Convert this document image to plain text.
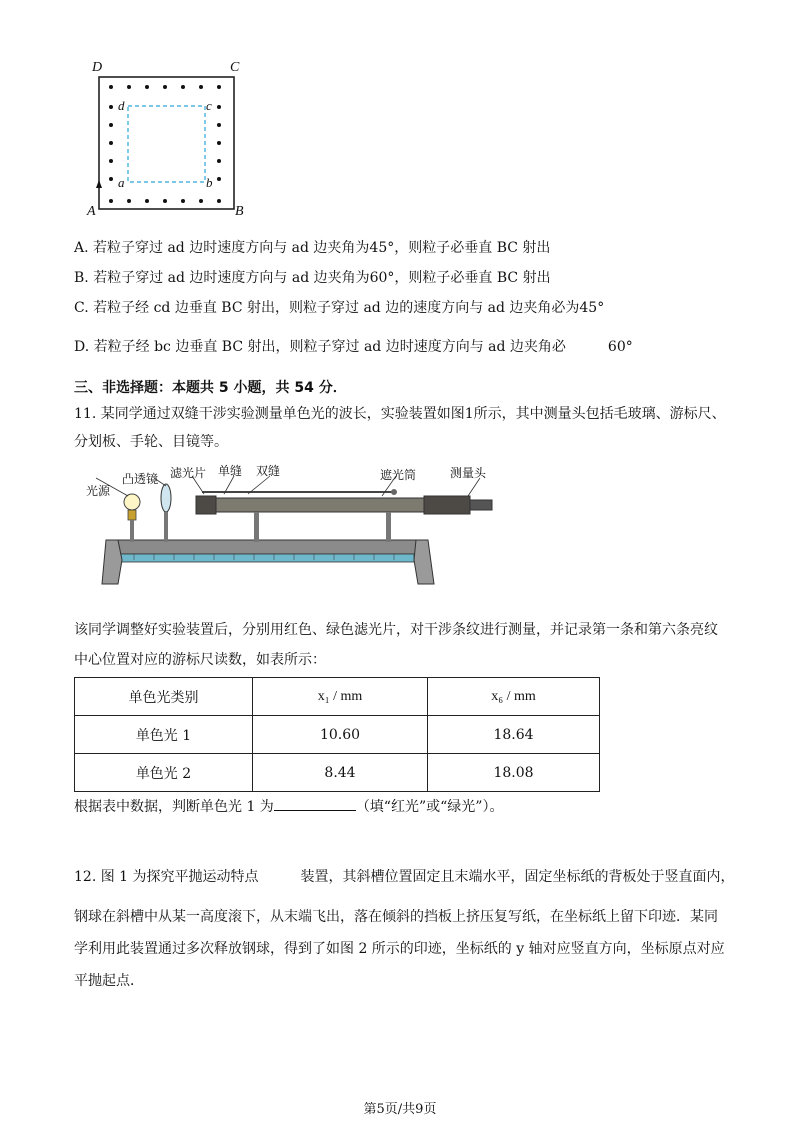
D	C
A	B
d	c
a	b
A. 若粒子穿过 ad 边时速度方向与 ad 边夹角为45°，则粒子必垂直 BC 射出
B. 若粒子穿过 ad 边时速度方向与 ad 边夹角为60°，则粒子必垂直 BC 射出
C. 若粒子经 cd 边垂直 BC 射出，则粒子穿过 ad 边的速度方向与 ad 边夹角必为45°
D. 若粒子经 bc 边垂直 BC 射出，则粒子穿过 ad 边时速度方向与 ad 边夹角必　　　60°
三、非选择题：本题共 5 小题，共 54 分．
11. 某同学通过双缝干涉实验测量单色光的波长，实验装置如图1所示，其中测量头包括毛玻璃、游标尺、
分划板、手轮、目镜等。
光源
凸透镜 滤光片 单缝 双缝	遮光筒	测量头
该同学调整好实验装置后，分别用红色、绿色滤光片，对干涉条纹进行测量，并记录第一条和第六条亮纹
中心位置对应的游标尺读数，如表所示：
单色光类别	x₁ / mm	x₆ / mm
单色光 1	10.60	18.64
单色光 2	8.44	18.08
根据表中数据，判断单色光 1 为	（填“红光”或“绿光”）。
12. 图 1 为探究平抛运动特点　　　装置，其斜槽位置固定且末端水平，固定坐标纸的背板处于竖直面内，
钢球在斜槽中从某一高度滚下，从末端飞出，落在倾斜的挡板上挤压复写纸，在坐标纸上留下印迹．某同
学利用此装置通过多次释放钢球，得到了如图 2 所示的印迹，坐标纸的 y 轴对应竖直方向，坐标原点对应
平抛起点．
第5页/共9页
